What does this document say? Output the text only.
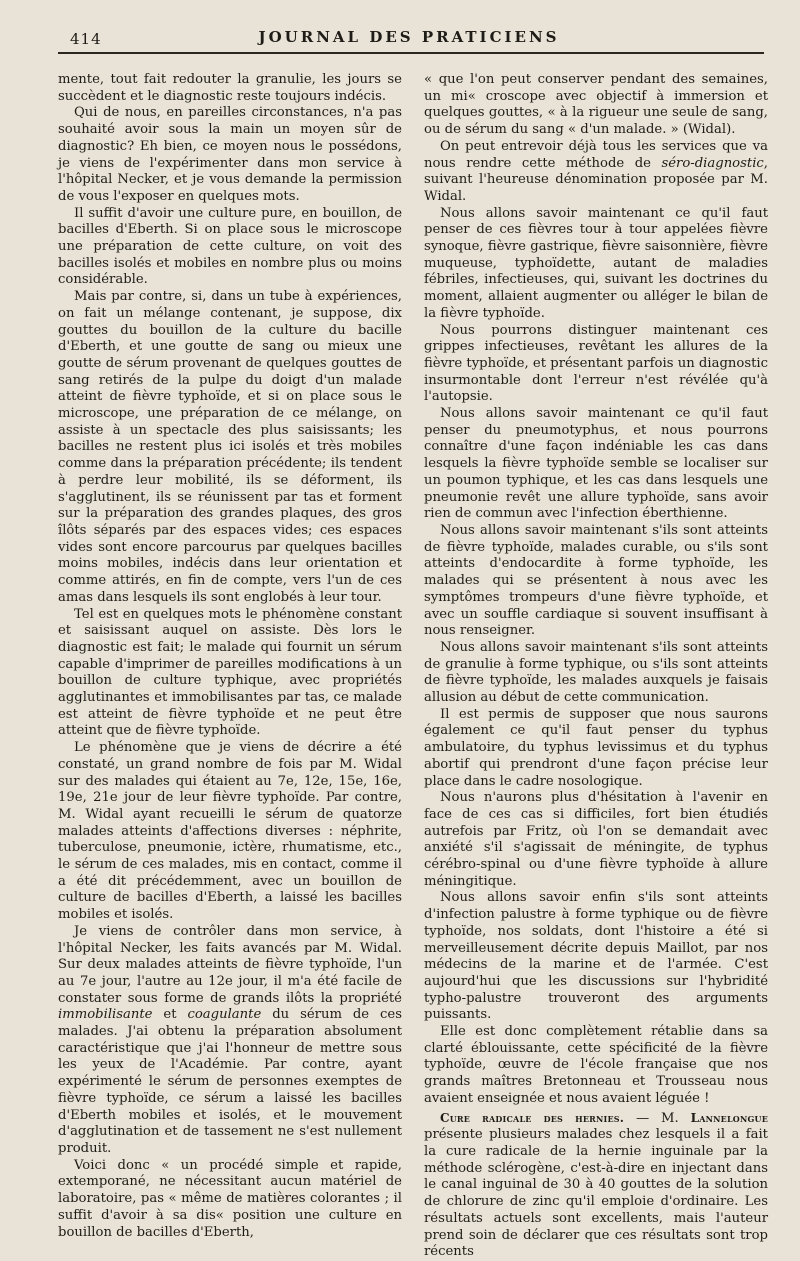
414	JOURNAL DES PRATICIENS

mente, tout fait redouter la granulie, les jours se succèdent et le diagnostic reste toujours indécis.

Qui de nous, en pareilles circonstances, n'a pas souhaité avoir sous la main un moyen sûr de diagnostic? Eh bien, ce moyen nous le possédons, je viens de l'expérimenter dans mon service à l'hôpital Necker, et je vous demande la permission de vous l'exposer en quelques mots.

Il suffit d'avoir une culture pure, en bouillon, de bacilles d'Eberth. Si on place sous le microscope une préparation de cette culture, on voit des bacilles isolés et mobiles en nombre plus ou moins considérable.

Mais par contre, si, dans un tube à expériences, on fait un mélange contenant, je suppose, dix gouttes du bouillon de la culture du bacille d'Eberth, et une goutte de sang ou mieux une goutte de sérum provenant de quelques gouttes de sang retirés de la pulpe du doigt d'un malade atteint de fièvre typhoïde, et si on place sous le microscope, une préparation de ce mélange, on assiste à un spectacle des plus saisissants; les bacilles ne restent plus ici isolés et très mobiles comme dans la préparation précédente; ils tendent à perdre leur mobilité, ils se déforment, ils s'agglutinent, ils se réunissent par tas et forment sur la préparation des grandes plaques, des gros îlôts séparés par des espaces vides; ces espaces vides sont encore parcourus par quelques bacilles moins mobiles, indécis dans leur orientation et comme attirés, en fin de compte, vers l'un de ces amas dans lesquels ils sont englobés à leur tour.

Tel est en quelques mots le phénomène constant et saisissant auquel on assiste. Dès lors le diagnostic est fait; le malade qui fournit un sérum capable d'imprimer de pareilles modifications à un bouillon de culture typhique, avec propriétés agglutinantes et immobilisantes par tas, ce malade est atteint de fièvre typhoïde et ne peut être atteint que de fièvre typhoïde.

Le phénomène que je viens de décrire a été constaté, un grand nombre de fois par M. Widal sur des malades qui étaient au 7e, 12e, 15e, 16e, 19e, 21e jour de leur fièvre typhoïde. Par contre, M. Widal ayant recueilli le sérum de quatorze malades atteints d'affections diverses : néphrite, tuberculose, pneumonie, ictère, rhumatisme, etc., le sérum de ces malades, mis en contact, comme il a été dit précédemment, avec un bouillon de culture de bacilles d'Eberth, a laissé les bacilles mobiles et isolés.

Je viens de contrôler dans mon service, à l'hôpital Necker, les faits avancés par M. Widal. Sur deux malades atteints de fièvre typhoïde, l'un au 7e jour, l'autre au 12e jour, il m'a été facile de constater sous forme de grands ilôts la propriété immobilisante et coagulante du sérum de ces malades. J'ai obtenu la préparation absolument caractéristique que j'ai l'honneur de mettre sous les yeux de l'Académie. Par contre, ayant expérimenté le sérum de personnes exemptes de fièvre typhoïde, ce sérum a laissé les bacilles d'Eberth mobiles et isolés, et le mouvement d'agglutination et de tassement ne s'est nullement produit.

Voici donc « un procédé simple et rapide, extemporané, ne nécessitant aucun matériel de laboratoire, pas « même de matières colorantes ; il suffit d'avoir à sa dis« position une culture en bouillon de bacilles d'Eberth,

« que l'on peut conserver pendant des semaines, un mi« croscope avec objectif à immersion et quelques gouttes, « à la rigueur une seule de sang, ou de sérum du sang « d'un malade. » (Widal).

On peut entrevoir déjà tous les services que va nous rendre cette méthode de séro-diagnostic, suivant l'heureuse dénomination proposée par M. Widal.

Nous allons savoir maintenant ce qu'il faut penser de ces fièvres tour à tour appelées fièvre synoque, fièvre gastrique, fièvre saisonnière, fièvre muqueuse, typhoïdette, autant de maladies fébriles, infectieuses, qui, suivant les doctrines du moment, allaient augmenter ou alléger le bilan de la fièvre typhoïde.

Nous pourrons distinguer maintenant ces grippes infectieuses, revêtant les allures de la fièvre typhoïde, et présentant parfois un diagnostic insurmontable dont l'erreur n'est révélée qu'à l'autopsie.

Nous allons savoir maintenant ce qu'il faut penser du pneumotyphus, et nous pourrons connaître d'une façon indéniable les cas dans lesquels la fièvre typhoïde semble se localiser sur un poumon typhique, et les cas dans lesquels une pneumonie revêt une allure typhoïde, sans avoir rien de commun avec l'infection éberthienne.

Nous allons savoir maintenant s'ils sont atteints de fièvre typhoïde, malades curable, ou s'ils sont atteints d'endocardite à forme typhoïde, les malades qui se présentent à nous avec les symptômes trompeurs d'une fièvre typhoïde, et avec un souffle cardiaque si souvent insuffisant à nous renseigner.

Nous allons savoir maintenant s'ils sont atteints de granulie à forme typhique, ou s'ils sont atteints de fièvre typhoïde, les malades auxquels je faisais allusion au début de cette communication.

Il est permis de supposer que nous saurons également ce qu'il faut penser du typhus ambulatoire, du typhus levissimus et du typhus abortif qui prendront d'une façon précise leur place dans le cadre nosologique.

Nous n'aurons plus d'hésitation à l'avenir en face de ces cas si difficiles, fort bien étudiés autrefois par Fritz, où l'on se demandait avec anxiété s'il s'agissait de méningite, de typhus cérébro-spinal ou d'une fièvre typhoïde à allure méningitique.

Nous allons savoir enfin s'ils sont atteints d'infection palustre à forme typhique ou de fièvre typhoïde, nos soldats, dont l'histoire a été si merveilleusement décrite depuis Maillot, par nos médecins de la marine et de l'armée. C'est aujourd'hui que les discussions sur l'hybridité typho-palustre trouveront des arguments puissants.

Elle est donc complètement rétablie dans sa clarté éblouissante, cette spécificité de la fièvre typhoïde, œuvre de l'école française que nos grands maîtres Bretonneau et Trousseau nous avaient enseignée et nous avaient léguée !

Cure radicale des hernies. — M. Lannelongue présente plusieurs malades chez lesquels il a fait la cure radicale de la hernie inguinale par la méthode sclérogène, c'est-à-dire en injectant dans le canal inguinal de 30 à 40 gouttes de la solution de chlorure de zinc qu'il emploie d'ordinaire. Les résultats actuels sont excellents, mais l'auteur prend soin de déclarer que ces résultats sont trop récents
